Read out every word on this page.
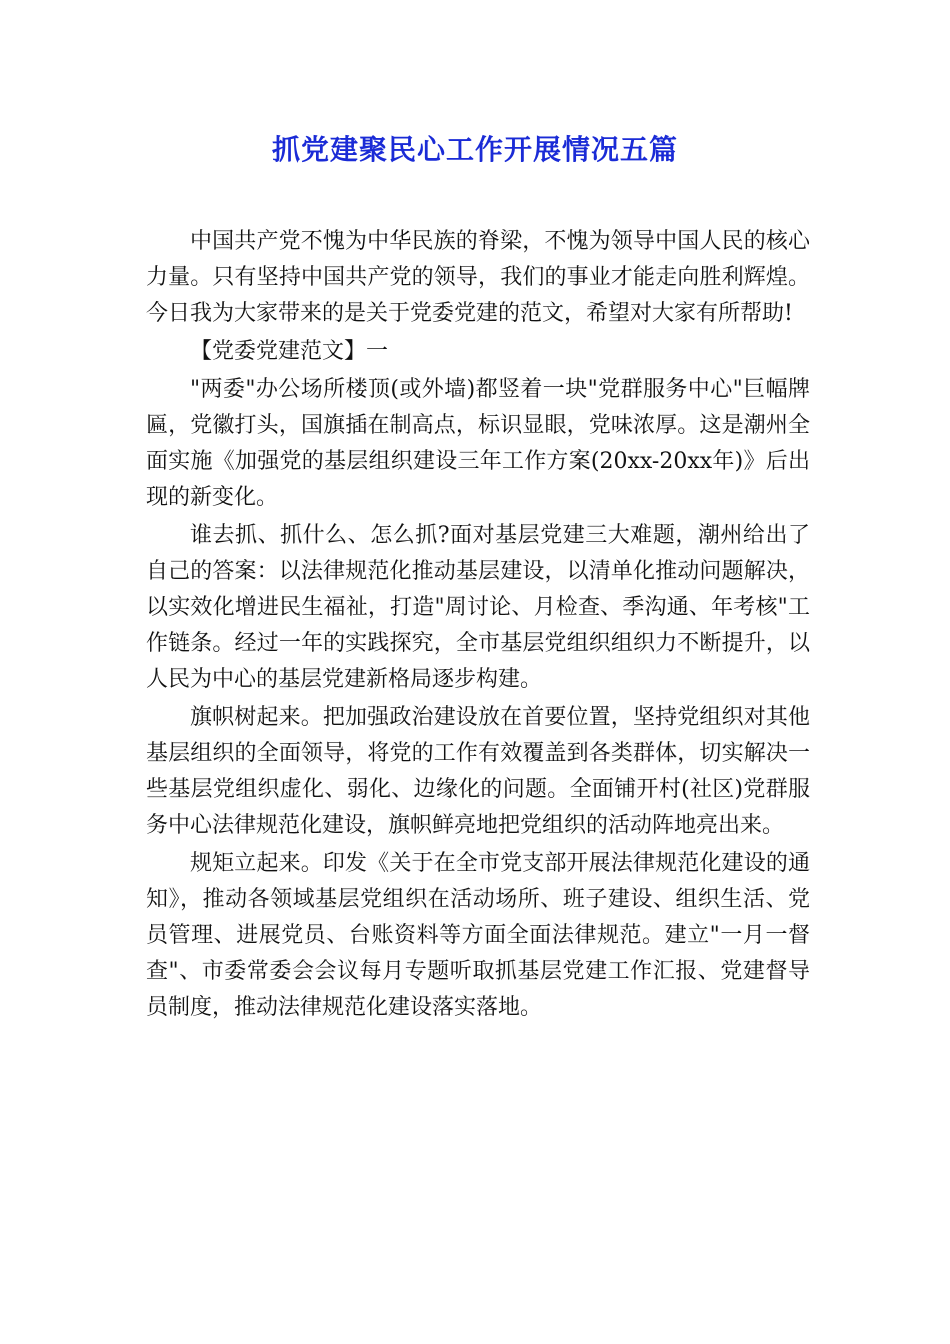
抓党建聚民心工作开展情况五篇

中国共产党不愧为中华民族的脊梁，不愧为领导中国人民的核心力量。只有坚持中国共产党的领导，我们的事业才能走向胜利辉煌。今日我为大家带来的是关于党委党建的范文，希望对大家有所帮助!

【党委党建范文】一

"两委"办公场所楼顶(或外墙)都竖着一块"党群服务中心"巨幅牌匾，党徽打头，国旗插在制高点，标识显眼，党味浓厚。这是潮州全面实施《加强党的基层组织建设三年工作方案(20xx-20xx年)》后出现的新变化。

谁去抓、抓什么、怎么抓?面对基层党建三大难题，潮州给出了自己的答案：以法律规范化推动基层建设，以清单化推动问题解决，以实效化增进民生福祉，打造"周讨论、月检查、季沟通、年考核"工作链条。经过一年的实践探究，全市基层党组织组织力不断提升，以人民为中心的基层党建新格局逐步构建。

旗帜树起来。把加强政治建设放在首要位置，坚持党组织对其他基层组织的全面领导，将党的工作有效覆盖到各类群体，切实解决一些基层党组织虚化、弱化、边缘化的问题。全面铺开村(社区)党群服务中心法律规范化建设，旗帜鲜亮地把党组织的活动阵地亮出来。

规矩立起来。印发《关于在全市党支部开展法律规范化建设的通知》，推动各领域基层党组织在活动场所、班子建设、组织生活、党员管理、进展党员、台账资料等方面全面法律规范。建立"一月一督查"、市委常委会会议每月专题听取抓基层党建工作汇报、党建督导员制度，推动法律规范化建设落实落地。
